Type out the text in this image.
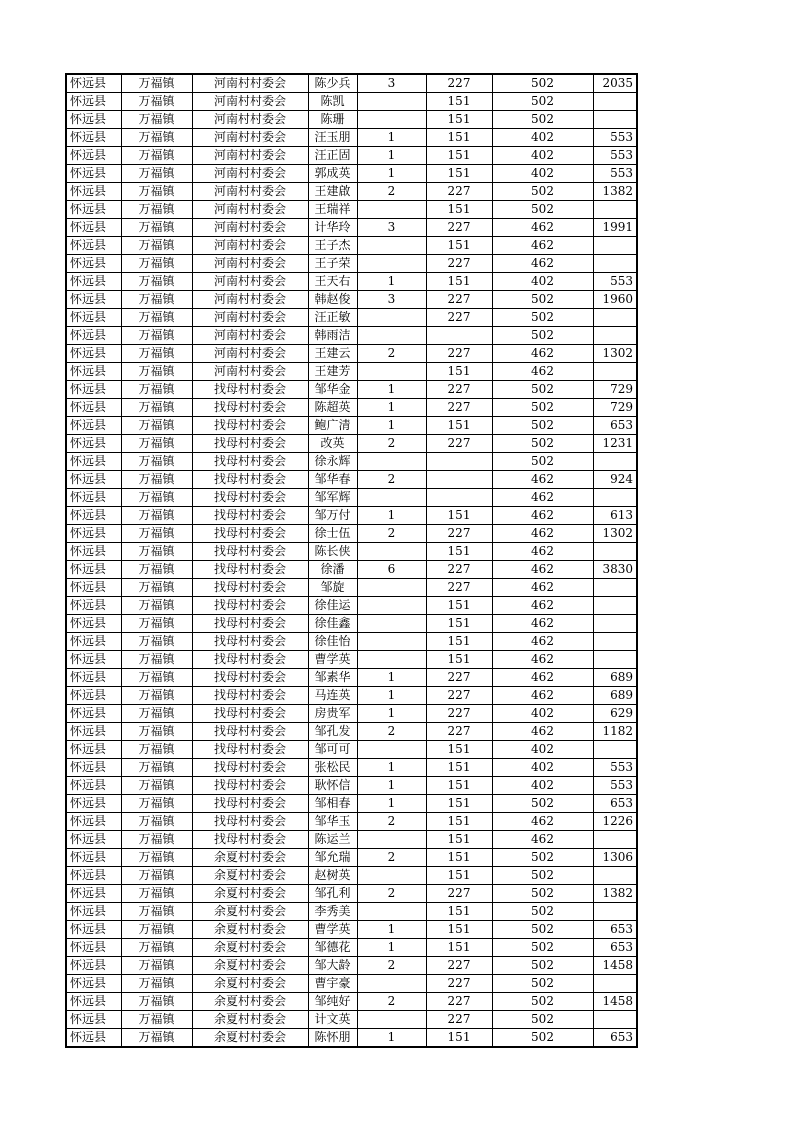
怀远县	万福镇	河南村村委会	陈少兵	3	227	502	2035
怀远县	万福镇	河南村村委会	陈凯		151	502	
怀远县	万福镇	河南村村委会	陈珊		151	502	
怀远县	万福镇	河南村村委会	汪玉朋	1	151	402	553
怀远县	万福镇	河南村村委会	汪正固	1	151	402	553
怀远县	万福镇	河南村村委会	郭成英	1	151	402	553
怀远县	万福镇	河南村村委会	王建啟	2	227	502	1382
怀远县	万福镇	河南村村委会	王瑞祥		151	502	
怀远县	万福镇	河南村村委会	计华玲	3	227	462	1991
怀远县	万福镇	河南村村委会	王子杰		151	462	
怀远县	万福镇	河南村村委会	王子荣		227	462	
怀远县	万福镇	河南村村委会	王天右	1	151	402	553
怀远县	万福镇	河南村村委会	韩赵俊	3	227	502	1960
怀远县	万福镇	河南村村委会	汪正敏		227	502	
怀远县	万福镇	河南村村委会	韩雨洁			502	
怀远县	万福镇	河南村村委会	王建云	2	227	462	1302
怀远县	万福镇	河南村村委会	王建芳		151	462	
怀远县	万福镇	找母村村委会	邹华金	1	227	502	729
怀远县	万福镇	找母村村委会	陈超英	1	227	502	729
怀远县	万福镇	找母村村委会	鲍广清	1	151	502	653
怀远县	万福镇	找母村村委会	改英	2	227	502	1231
怀远县	万福镇	找母村村委会	徐永辉			502	
怀远县	万福镇	找母村村委会	邹华春	2		462	924
怀远县	万福镇	找母村村委会	邹军辉			462	
怀远县	万福镇	找母村村委会	邹万付	1	151	462	613
怀远县	万福镇	找母村村委会	徐士伍	2	227	462	1302
怀远县	万福镇	找母村村委会	陈长侠		151	462	
怀远县	万福镇	找母村村委会	徐潘	6	227	462	3830
怀远县	万福镇	找母村村委会	邹旋		227	462	
怀远县	万福镇	找母村村委会	徐佳运		151	462	
怀远县	万福镇	找母村村委会	徐佳鑫		151	462	
怀远县	万福镇	找母村村委会	徐佳怡		151	462	
怀远县	万福镇	找母村村委会	曹学英		151	462	
怀远县	万福镇	找母村村委会	邹素华	1	227	462	689
怀远县	万福镇	找母村村委会	马连英	1	227	462	689
怀远县	万福镇	找母村村委会	房贵军	1	227	402	629
怀远县	万福镇	找母村村委会	邹孔发	2	227	462	1182
怀远县	万福镇	找母村村委会	邹可可		151	402	
怀远县	万福镇	找母村村委会	张松民	1	151	402	553
怀远县	万福镇	找母村村委会	耿怀信	1	151	402	553
怀远县	万福镇	找母村村委会	邹相春	1	151	502	653
怀远县	万福镇	找母村村委会	邹华玉	2	151	462	1226
怀远县	万福镇	找母村村委会	陈运兰		151	462	
怀远县	万福镇	余夏村村委会	邹允瑞	2	151	502	1306
怀远县	万福镇	余夏村村委会	赵树英		151	502	
怀远县	万福镇	余夏村村委会	邹孔利	2	227	502	1382
怀远县	万福镇	余夏村村委会	李秀美		151	502	
怀远县	万福镇	余夏村村委会	曹学英	1	151	502	653
怀远县	万福镇	余夏村村委会	邹德花	1	151	502	653
怀远县	万福镇	余夏村村委会	邹大龄	2	227	502	1458
怀远县	万福镇	余夏村村委会	曹宇豪		227	502	
怀远县	万福镇	余夏村村委会	邹纯好	2	227	502	1458
怀远县	万福镇	余夏村村委会	计文英		227	502	
怀远县	万福镇	余夏村村委会	陈怀朋	1	151	502	653
